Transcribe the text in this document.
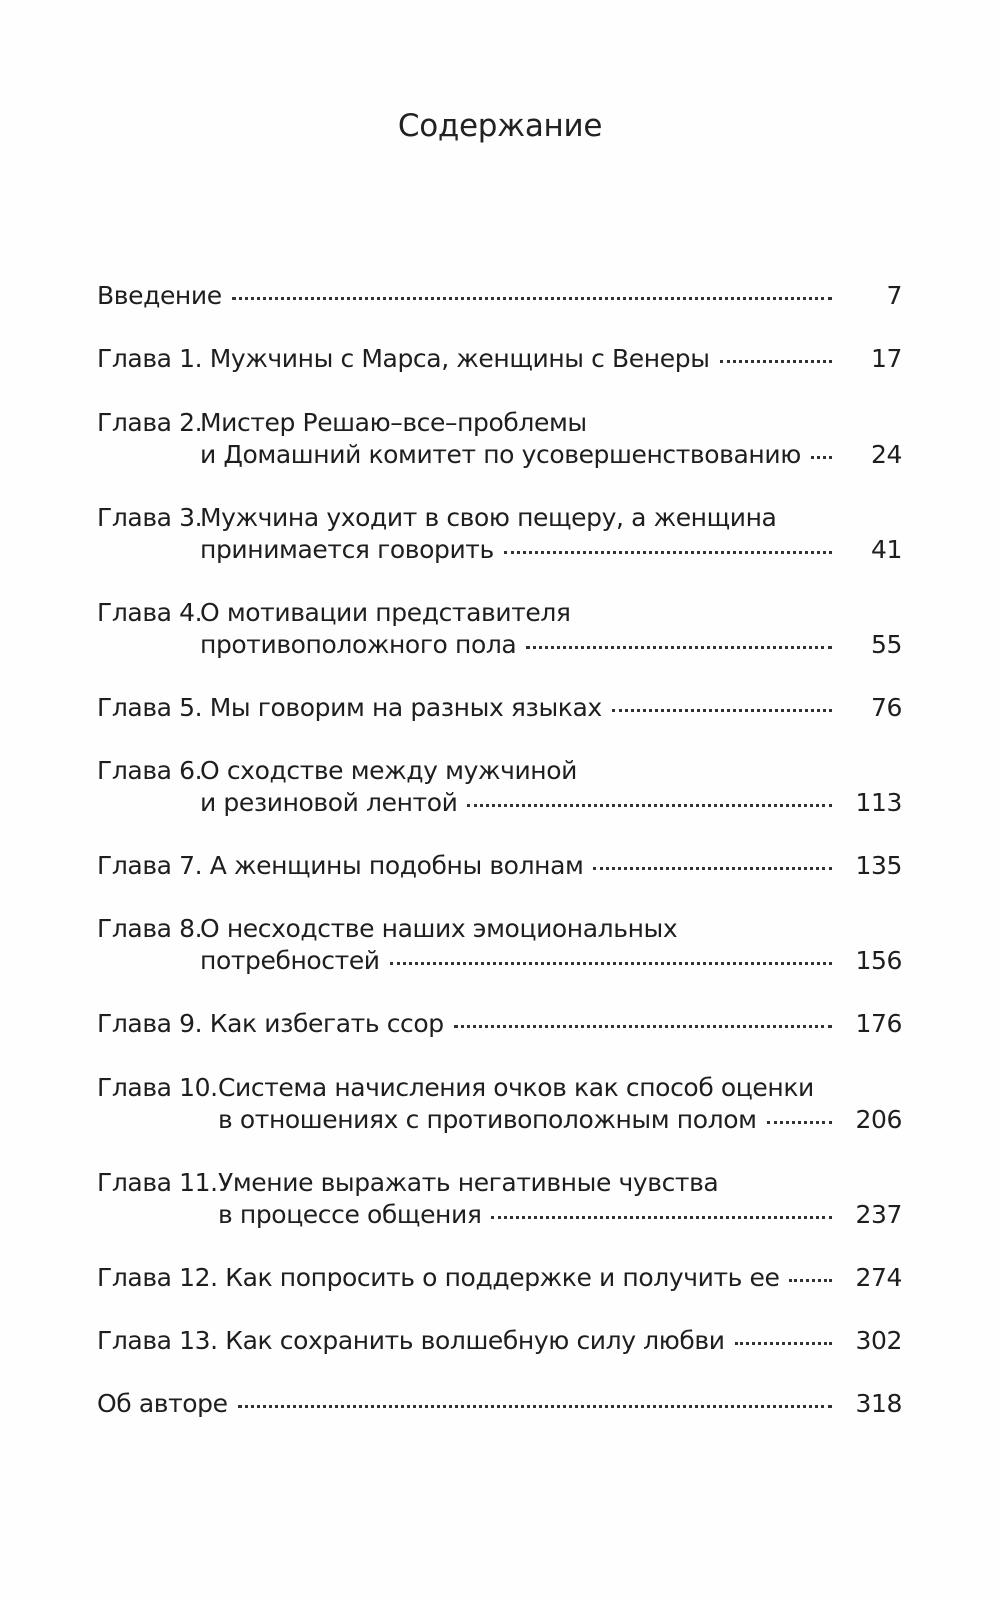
Содержание
Введение	7
Глава 1.
Мужчины с Марса, женщины с Венеры	17
Глава 2.Мистер Решаю–все–проблемы
и Домашний комитет по усовершенствованию	24
Глава 3.Мужчина уходит в свою пещеру, а женщина
принимается говорить	41
Глава 4.О мотивации представителя
противоположного пола	55
Глава 5.
Мы говорим на разных языках	76
Глава 6.О сходстве между мужчиной
и резиновой лентой	113
Глава 7.
А женщины подобны волнам	135
Глава 8.О несходстве наших эмоциональных
потребностей	156
Глава 9.
Как избегать ссор	176
Глава 10.Система начисления очков как способ оценки
в отношениях с противоположным полом	206
Глава 11.Умение выражать негативные чувства
в процессе общения	237
Глава 12.
Как попросить о поддержке и получить ее	274
Глава 13.
Как сохранить волшебную силу любви	302
Об авторе	318
